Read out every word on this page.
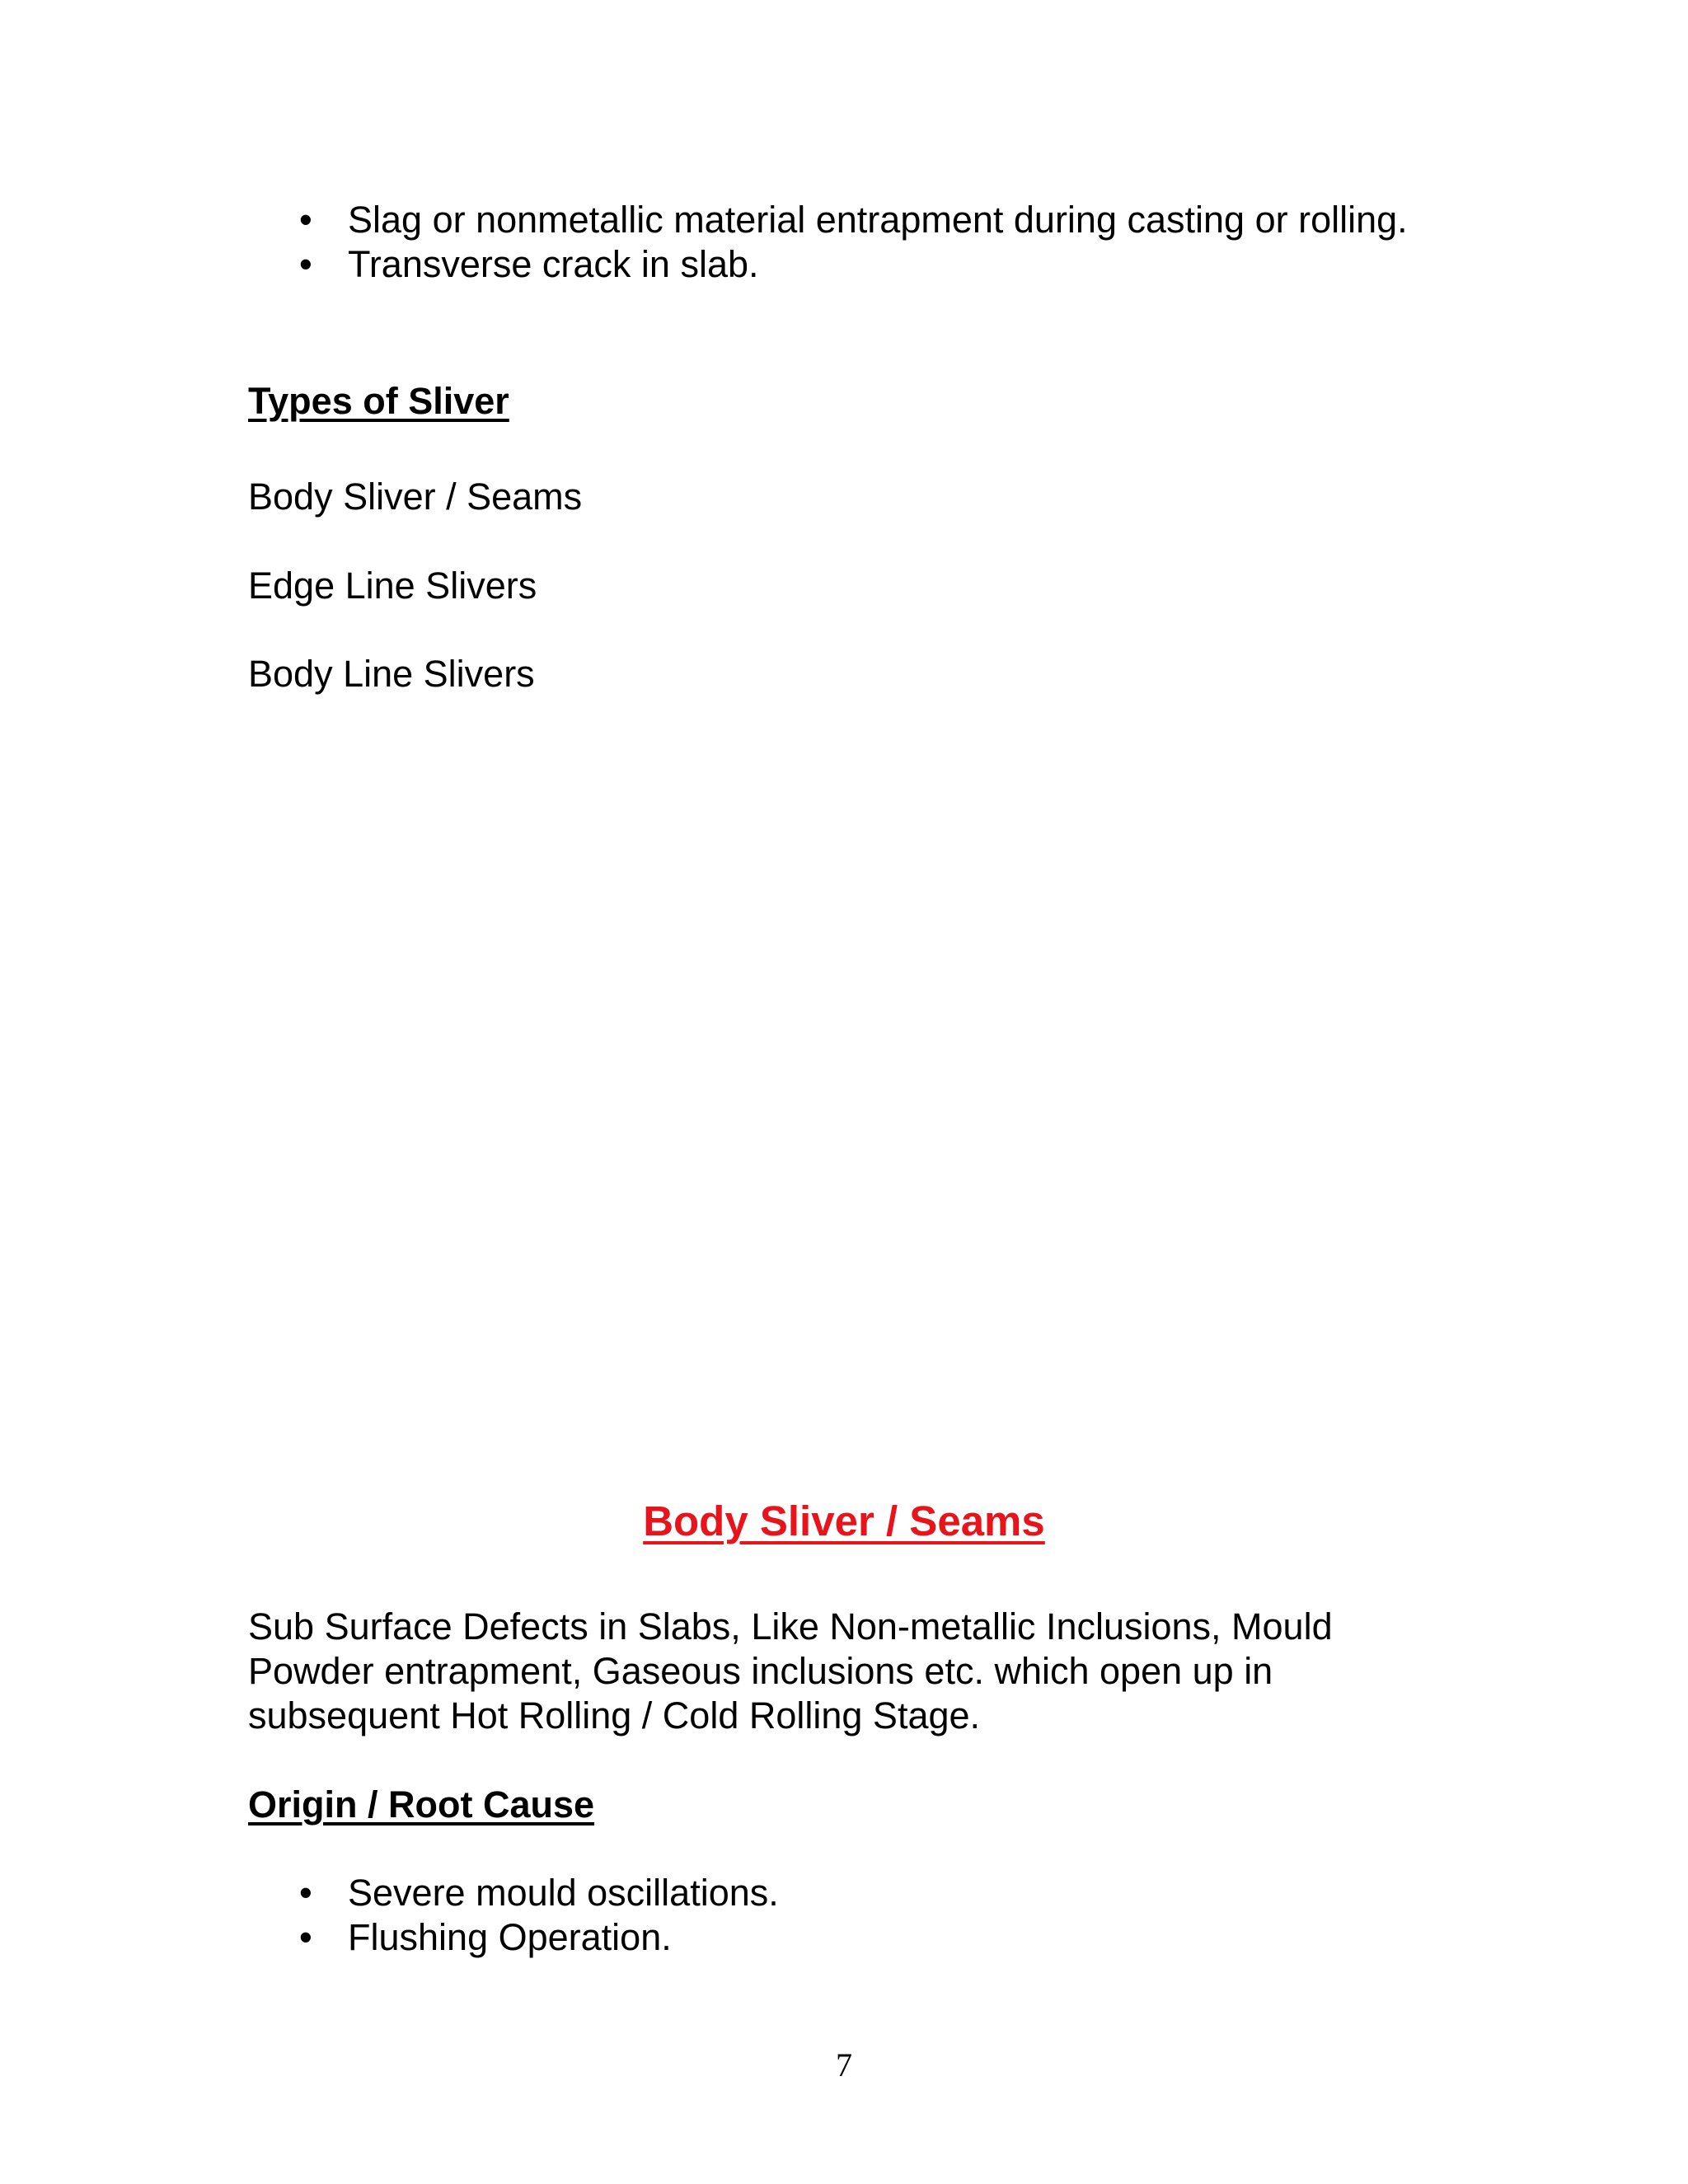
• Slag or nonmetallic material entrapment during casting or rolling.
• Transverse crack in slab.
Types of Sliver
Body Sliver / Seams
Edge Line Slivers
Body Line Slivers
Body Sliver / Seams
Sub Surface Defects in Slabs, Like Non-metallic Inclusions, Mould Powder entrapment, Gaseous inclusions etc. which open up in subsequent Hot Rolling / Cold Rolling Stage.
Origin / Root Cause
• Severe mould oscillations.
• Flushing Operation.
7
